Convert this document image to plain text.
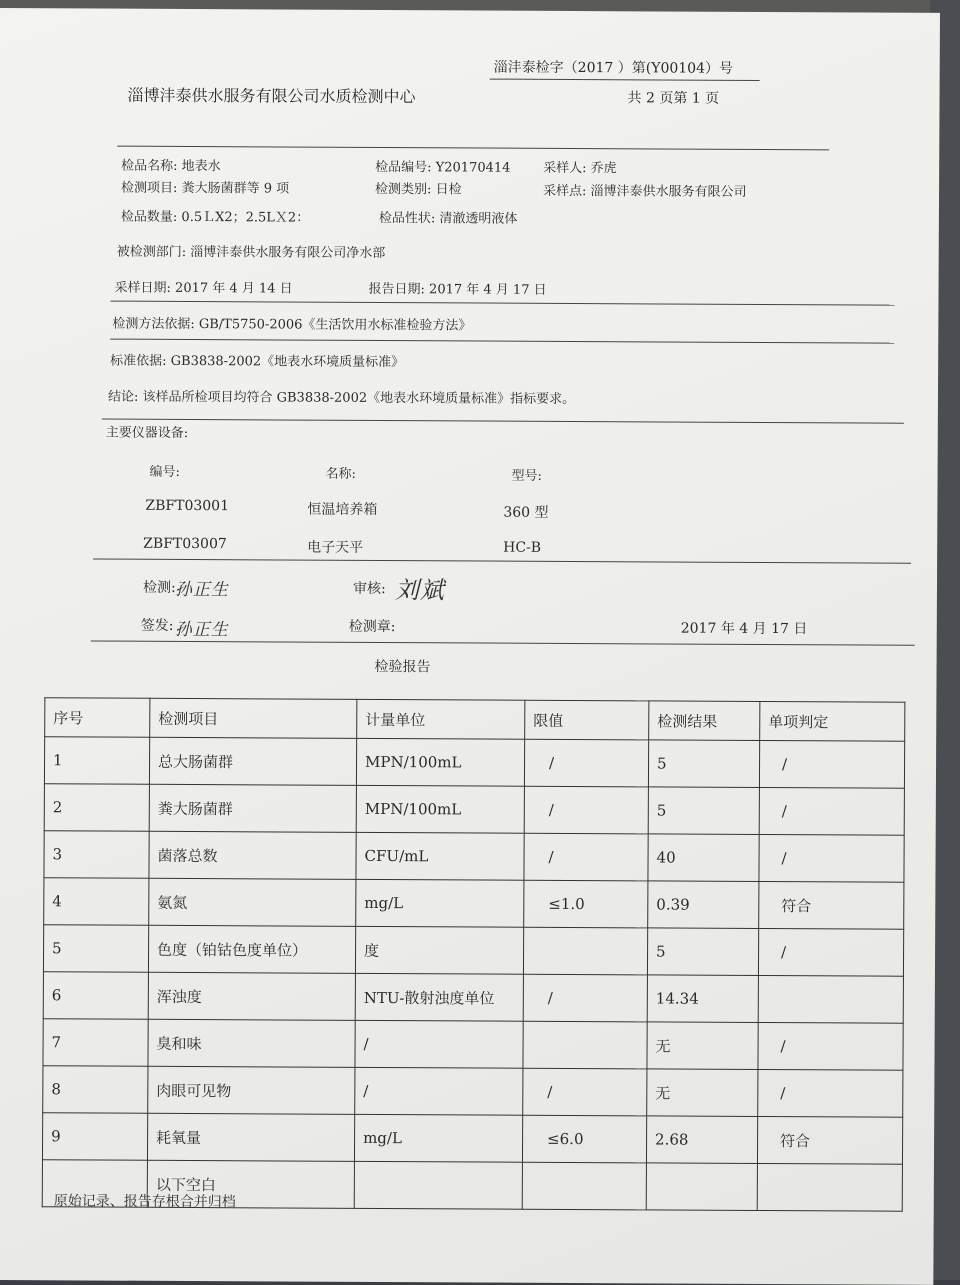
淄沣泰检字（2017 ）第(Y00104）号
淄博沣泰供水服务有限公司水质检测中心	共 2 页第 1 页
检品名称: 地表水	检品编号: Y20170414	采样人: 乔虎
检测项目: 粪大肠菌群等 9 项	检测类别: 日检	采样点: 淄博沣泰供水服务有限公司
检品数量: 0.5ＬX2；2.5LＸ2：	检品性状: 清澈透明液体
被检测部门: 淄博沣泰供水服务有限公司净水部
采样日期: 2017 年 4 月 14 日	报告日期: 2017 年 4 月 17 日
检测方法依据: GB/T5750-2006《生活饮用水标准检验方法》
标准依据: GB3838-2002《地表水环境质量标准》
结论: 该样品所检项目均符合 GB3838-2002《地表水环境质量标准》指标要求。
主要仪器设备:
编号:	名称:	型号:
ZBFT03001	恒温培养箱	360 型
ZBFT03007	电子天平	HC-B
检测: 孙正生	审核: 刘斌
签发: 孙正生	检测章:	2017 年 4 月 17 日
检验报告
序号	检测项目	计量单位	限值	检测结果	单项判定
1	总大肠菌群	MPN/100mL	/	5	/
2	粪大肠菌群	MPN/100mL	/	5	/
3	菌落总数	CFU/mL	/	40	/
4	氨氮	mg/L	≤1.0	0.39	符合
5	色度（铂钴色度单位）	度		5	/
6	浑浊度	NTU-散射浊度单位	/	14.34	
7	臭和味	/		无	/
8	肉眼可见物	/	/	无	/
9	耗氧量	mg/L	≤6.0	2.68	符合
	以下空白				
原始记录、报告存根合并归档
